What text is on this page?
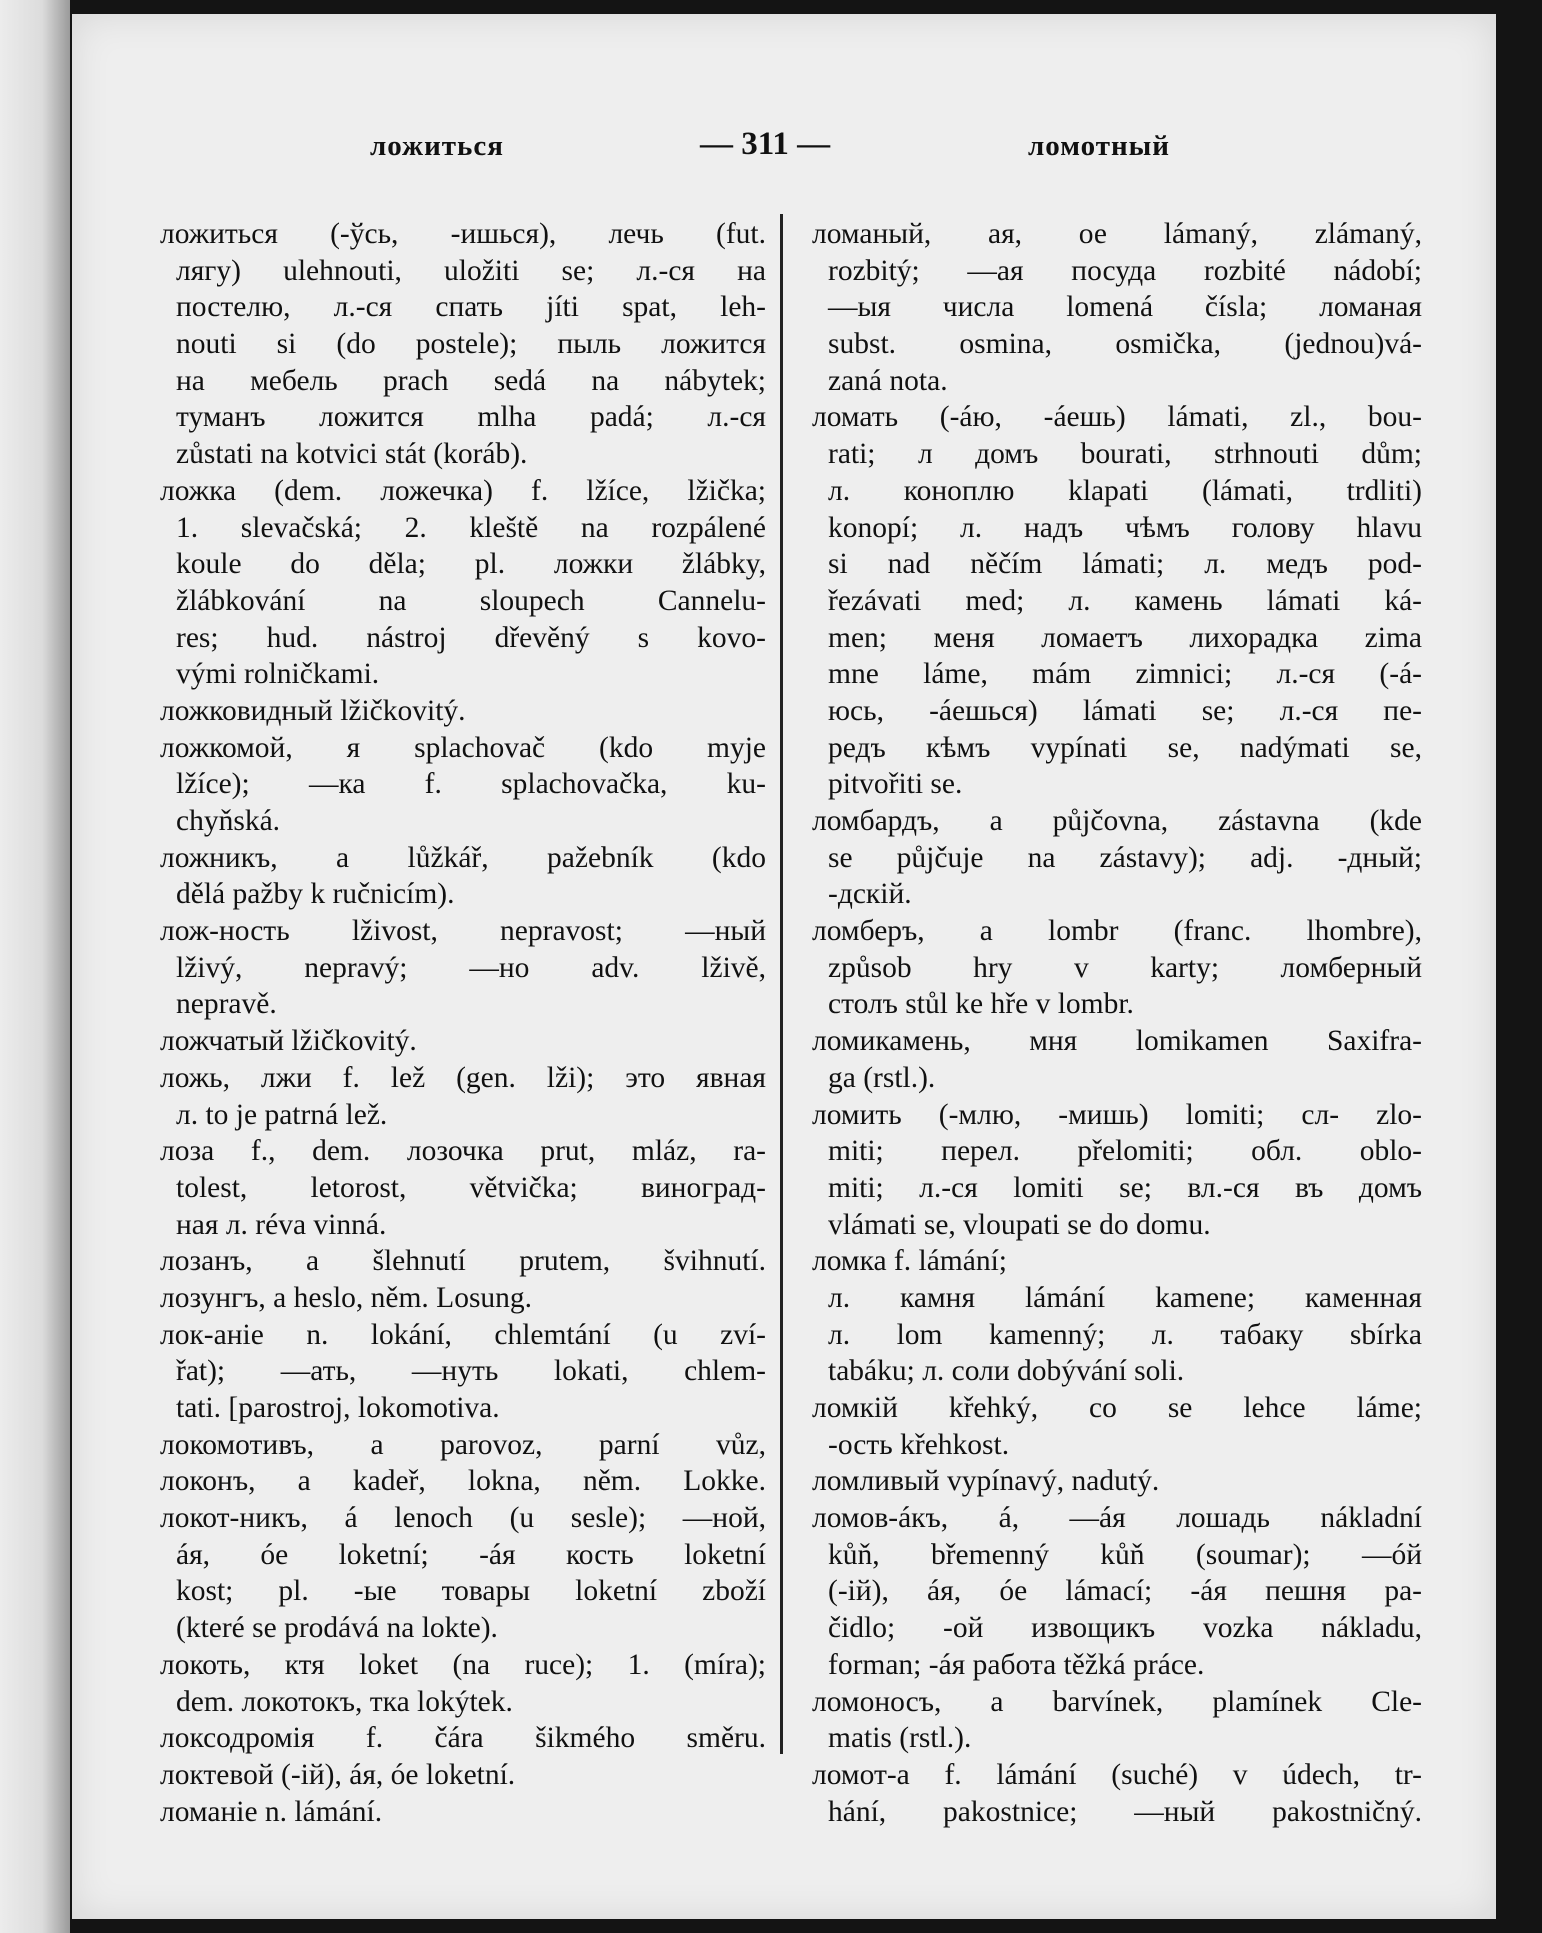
ложиться	— 311 —	ломотный
ложиться (-ўсь, -ишься), лечь (fut.
лягу) ulehnouti, uložiti se; л.-ся на
постелю, л.-ся спать jíti spat, leh-
nouti si (do postele); пыль ложится
на мебель prach sedá na nábytek;
туманъ ложится mlha padá; л.-ся
zůstati na kotvici stát (koráb).
ложка (dem. ложечка) f. lžíce, lžička;
1. slevačská; 2. kleště na rozpálené
koule do děla; pl. ложки žlábky,
žlábkování na sloupech Cannelu-
res; hud. nástroj dřevěný s kovo-
vými rolničkami.
ложковидный lžičkovitý.
ложкомой, я splachovač (kdo myje
lžíce); —ка f. splachovačka, ku-
chyňská.
ложникъ, а lůžkář, pažebník (kdo
dělá pažby k ručnicím).
лож-ность lživost, nepravost; —ный
lživý, nepravý; —но adv. lživě,
nepravě.
ложчатый lžičkovitý.
ложь, лжи f. lež (gen. lži); это явная
л. to je patrná lež.
лоза f., dem. лозочка prut, mláz, ra-
tolest, letorost, větvička; виноград-
ная л. réva vinná.
лозанъ, а šlehnutí prutem, švihnutí.
лозунгъ, а heslo, něm. Losung.
лок-аніе n. lokání, chlemtání (u zví-
řat); —ать, —нуть lokati, chlem-
tati. [parostroj, lokomotiva.
локомотивъ, a parovoz, parní vůz,
локонъ, а kadeř, lokna, něm. Lokke.
локот-никъ, á lenoch (u sesle); —ной,
áя, óе loketní; -áя кость loketní
kost; pl. -ые товары loketní zboží
(které se prodává na lokte).
локоть, ктя loket (na ruce); 1. (míra);
dem. локотокъ, тка lokýtek.
локсодромія f. čára šikmého směru.
локтевой (-ій), áя, óе loketní.
ломаніе n. lámání.
ломаный, ая, ое lámaný, zlámaný,
rozbitý; —ая посуда rozbité nádobí;
—ыя числа lomená čísla; ломаная
subst. osmina, osmička, (jednou)vá-
zaná nota.
ломать (-áю, -áешь) lámati, zl., bou-
rati; л домъ bourati, strhnouti dům;
л. коноплю klapati (lámati, trdliti)
konopí; л. надъ чѣмъ голову hlavu
si nad něčím lámati; л. медъ pod-
řezávati med; л. камень lámati ká-
men; меня ломаетъ лихорадка zima
mne láme, mám zimnici; л.-ся (-á-
юсь, -áешься) lámati se; л.-ся пе-
редъ кѣмъ vypínati se, nadýmati se,
pitvořiti se.
ломбардъ, а půjčovna, zástavna (kde
se půjčuje na zástavy); adj. -дный;
-дскій.
ломберъ, а lombr (franc. lhombre),
způsob hry v karty; ломберный
столъ stůl ke hře v lombr.
ломикамень, мня lomikamen Saxifra-
ga (rstl.).
ломить (-млю, -мишь) lomiti; сл- zlo-
miti; перел. přelomiti; обл. oblo-
miti; л.-ся lomiti se; вл.-ся въ домъ
vlámati se, vloupati se do domu.
ломка f. lámání;
л. камня lámání kamene; каменная
л. lom kamenný; л. табаку sbírka
tabáku; л. соли dobývání soli.
ломкій křehký, co se lehce láme;
-ость křehkost.
ломливый vypínavý, nadutý.
ломов-áкъ, á, —áя лошадь nákladní
kůň, břemenný kůň (soumar); —óй
(-ій), áя, óе lámací; -áя пешня pa-
čidlo; -ой извощикъ vozka nákladu,
forman; -áя работа těžká práce.
ломоносъ, а barvínek, plamínek Cle-
matis (rstl.).
ломот-а f. lámání (suché) v údech, tr-
hání, pakostnice; —ный pakostničný.
